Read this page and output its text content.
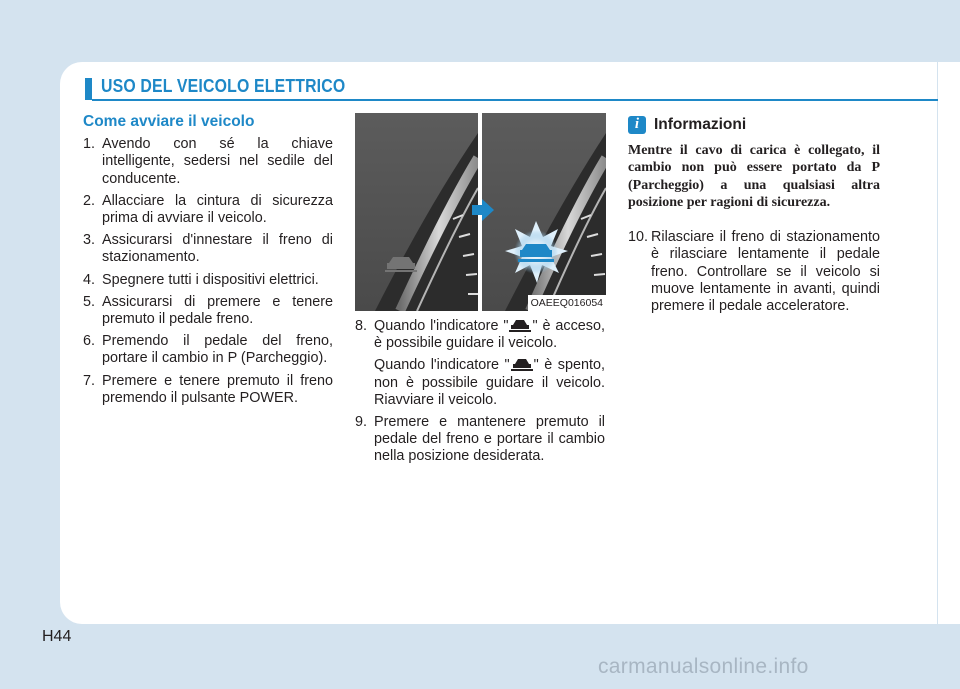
USO DEL VEICOLO ELETTRICO
Come avviare il veicolo
1. Avendo con sé la chiave intelligente, sedersi nel sedile del conducente.
2. Allacciare la cintura di sicurezza prima di avviare il veicolo.
3. Assicurarsi d'innestare il freno di stazionamento.
4. Spegnere tutti i dispositivi elettrici.
5. Assicurarsi di premere e tenere premuto il pedale freno.
6. Premendo il pedale del freno, portare il cambio in P (Parcheggio).
7. Premere e tenere premuto il freno premendo il pulsante POWER.
OAEEQ016054
8. Quando l'indicatore " " è acceso, è possibile guidare il veicolo.
Quando l'indicatore " " è spento, non è possibile guidare il veicolo. Riavviare il veicolo.
9. Premere e mantenere premuto il pedale del freno e portare il cambio nella posizione desiderata.
i Informazioni

Mentre il cavo di carica è collegato, il cambio non può essere portato da P (Parcheggio) a una qualsiasi altra posizione per ragioni di sicurezza.

10. Rilasciare il freno di stazionamento è rilasciare lentamente il pedale freno. Controllare se il veicolo si muove lentamente in avanti, quindi premere il pedale acceleratore.
H44
carmanualsonline.info
